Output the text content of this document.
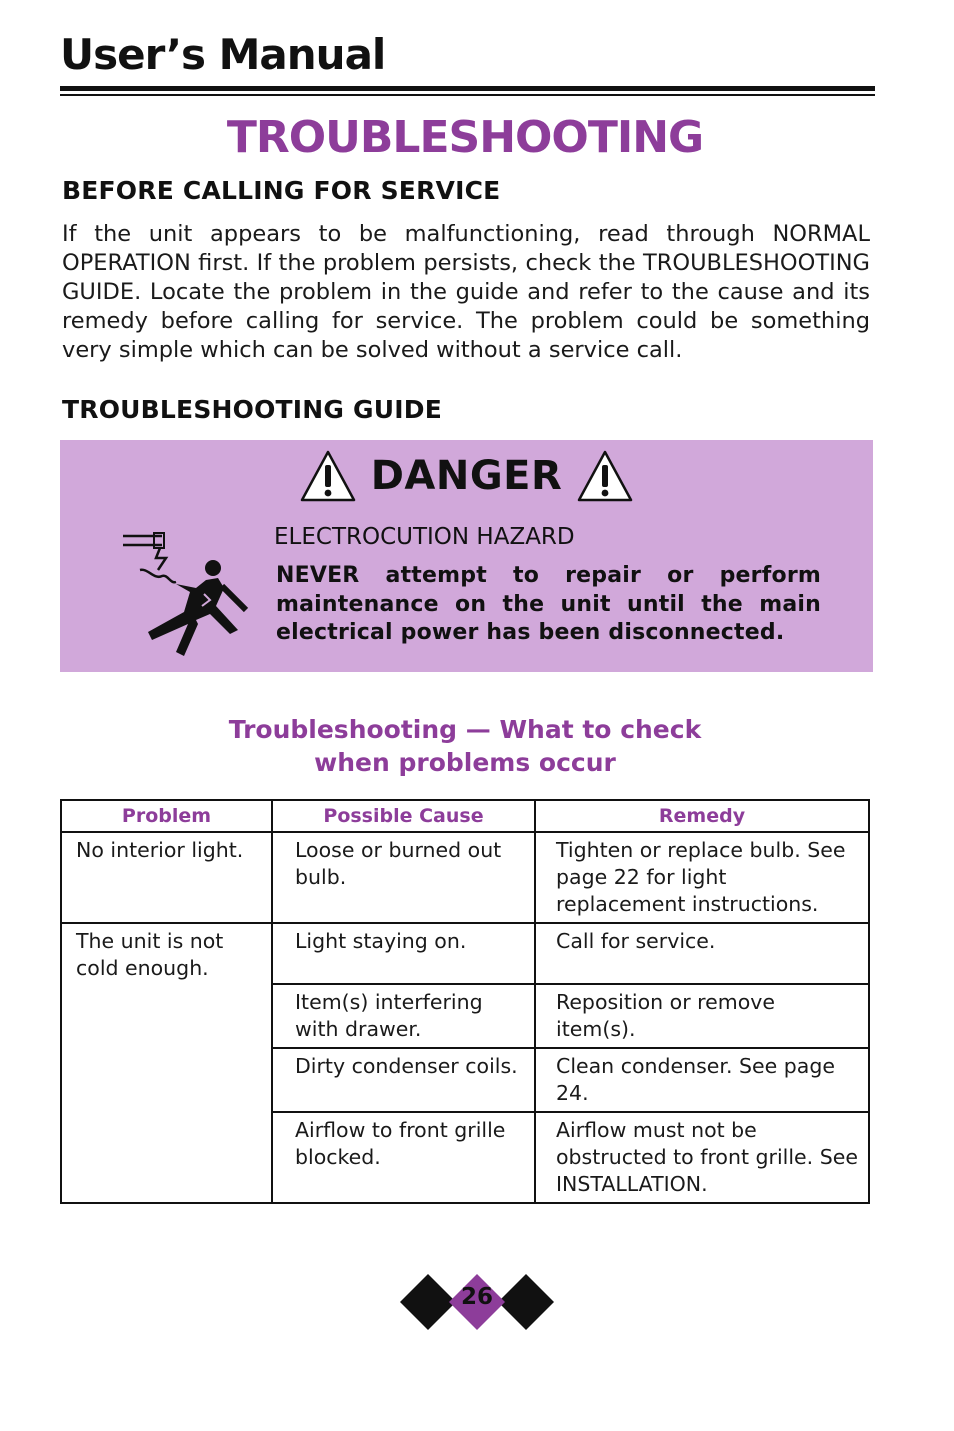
User’s Manual
TROUBLESHOOTING
BEFORE CALLING FOR SERVICE
If the unit appears to be malfunctioning, read through NORMAL OPERATION first. If the problem persists, check the TROUBLESHOOTING GUIDE. Locate the problem in the guide and refer to the cause and its remedy before calling for service. The problem could be something very simple which can be solved without a service call.
TROUBLESHOOTING GUIDE
DANGER
ELECTROCUTION HAZARD
NEVER attempt to repair or perform maintenance on the unit until the main electrical power has been disconnected.
Troubleshooting — What to check
when problems occur
Problem	Possible Cause	Remedy
No interior light.	Loose or burned out bulb.	Tighten or replace bulb. See page 22 for light replacement instructions.
The unit is not cold enough.	Light staying on.	Call for service.
	Item(s) interfering with drawer.	Reposition or remove item(s).
	Dirty condenser coils.	Clean condenser. See page 24.
	Airflow to front grille blocked.	Airflow must not be obstructed to front grille. See INSTALLATION.
26
